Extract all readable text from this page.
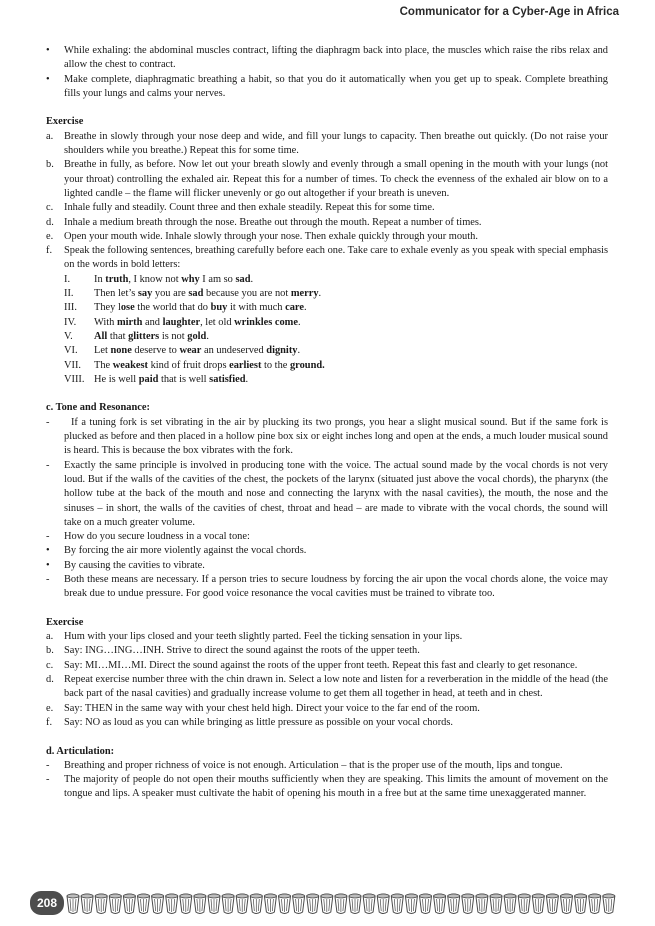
Communicator for a Cyber-Age in Africa
• While exhaling: the abdominal muscles contract, lifting the diaphragm back into place, the muscles which raise the ribs relax and allow the chest to contract.
• Make complete, diaphragmatic breathing a habit, so that you do it automatically when you get up to speak. Complete breathing fills your lungs and calms your nerves.
Exercise
a. Breathe in slowly through your nose deep and wide, and fill your lungs to capacity. Then breathe out quickly. (Do not raise your shoulders while you breathe.) Repeat this for some time.
b. Breathe in fully, as before. Now let out your breath slowly and evenly through a small opening in the mouth with your lungs (not your throat) controlling the exhaled air. Repeat this for a number of times. To check the evenness of the exhaled air blow on to a lighted candle – the flame will flicker unevenly or go out altogether if your breath is uneven.
c. Inhale fully and steadily. Count three and then exhale steadily. Repeat this for some time.
d. Inhale a medium breath through the nose. Breathe out through the mouth. Repeat a number of times.
e. Open your mouth wide. Inhale slowly through your nose. Then exhale quickly through your mouth.
f. Speak the following sentences, breathing carefully before each one. Take care to exhale evenly as you speak with special emphasis on the words in bold letters:
I. In truth, I know not why I am so sad.
II. Then let’s say you are sad because you are not merry.
III. They lose the world that do buy it with much care.
IV. With mirth and laughter, let old wrinkles come.
V. All that glitters is not gold.
VI. Let none deserve to wear an undeserved dignity.
VII. The weakest kind of fruit drops earliest to the ground.
VIII. He is well paid that is well satisfied.
c. Tone and Resonance:
- If a tuning fork is set vibrating in the air by plucking its two prongs, you hear a slight musical sound. But if the same fork is plucked as before and then placed in a hollow pine box six or eight inches long and open at the ends, a much louder musical sound is heard. This is because the box vibrates with the fork.
- Exactly the same principle is involved in producing tone with the voice. The actual sound made by the vocal chords is not very loud. But if the walls of the cavities of the chest, the pockets of the larynx (situated just above the vocal chords), the pharynx (the hollow tube at the back of the mouth and nose and connecting the larynx with the nasal cavities), the mouth, the nose and the sinuses – in short, the walls of the cavities of chest, throat and head – are made to vibrate with the vocal chords, the sound will take on a much greater volume.
- How do you secure loudness in a vocal tone:
• By forcing the air more violently against the vocal chords.
• By causing the cavities to vibrate.
- Both these means are necessary. If a person tries to secure loudness by forcing the air upon the vocal chords alone, the voice may break due to undue pressure. For good voice resonance the vocal cavities must be trained to vibrate too.
Exercise
a. Hum with your lips closed and your teeth slightly parted. Feel the ticking sensation in your lips.
b. Say: ING…ING…INH. Strive to direct the sound against the roots of the upper teeth.
c. Say: MI…MI…MI. Direct the sound against the roots of the upper front teeth. Repeat this fast and clearly to get resonance.
d. Repeat exercise number three with the chin drawn in. Select a low note and listen for a reverberation in the middle of the head (the back part of the nasal cavities) and gradually increase volume to get them all together in head, at teeth and in chest.
e. Say: THEN in the same way with your chest held high. Direct your voice to the far end of the room.
f. Say: NO as loud as you can while bringing as little pressure as possible on your vocal chords.
d. Articulation:
- Breathing and proper richness of voice is not enough. Articulation – that is the proper use of the mouth, lips and tongue.
- The majority of people do not open their mouths sufficiently when they are speaking. This limits the amount of movement on the tongue and lips. A speaker must cultivate the habit of opening his mouth in a free but at the same time unexaggerated manner.
208
